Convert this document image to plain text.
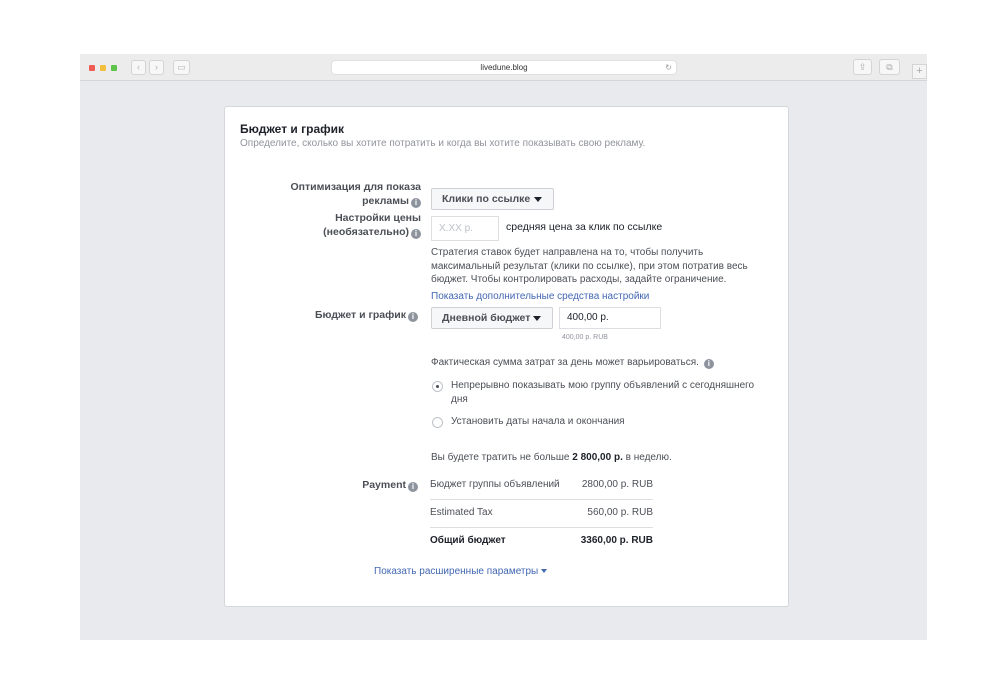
‹	›	▭	livedune.blog	↻	⇪	⧉	+
Бюджет и график
Определите, сколько вы хотите потратить и когда вы хотите показывать свою рекламу.
Оптимизация для показа
рекламы i	Клики по ссылке
Настройки цены
(необязательно) i	X.XX р.	средняя цена за клик по ссылке
Стратегия ставок будет направлена на то, чтобы получить
максимальный результат (клики по ссылке), при этом потратив весь
бюджет. Чтобы контролировать расходы, задайте ограничение.
Показать дополнительные средства настройки
Бюджет и график i	Дневной бюджет	400,00 р.
400,00 р. RUB
Фактическая сумма затрат за день может варьироваться. i
Непрерывно показывать мою группу объявлений с сегодняшнего
дня
Установить даты начала и окончания
Вы будете тратить не больше 2 800,00 р. в неделю.
Payment i	Бюджет группы объявлений 2800,00 р. RUB
Estimated Tax	560,00 р. RUB
Общий бюджет	3360,00 р. RUB
Показать расширенные параметры
